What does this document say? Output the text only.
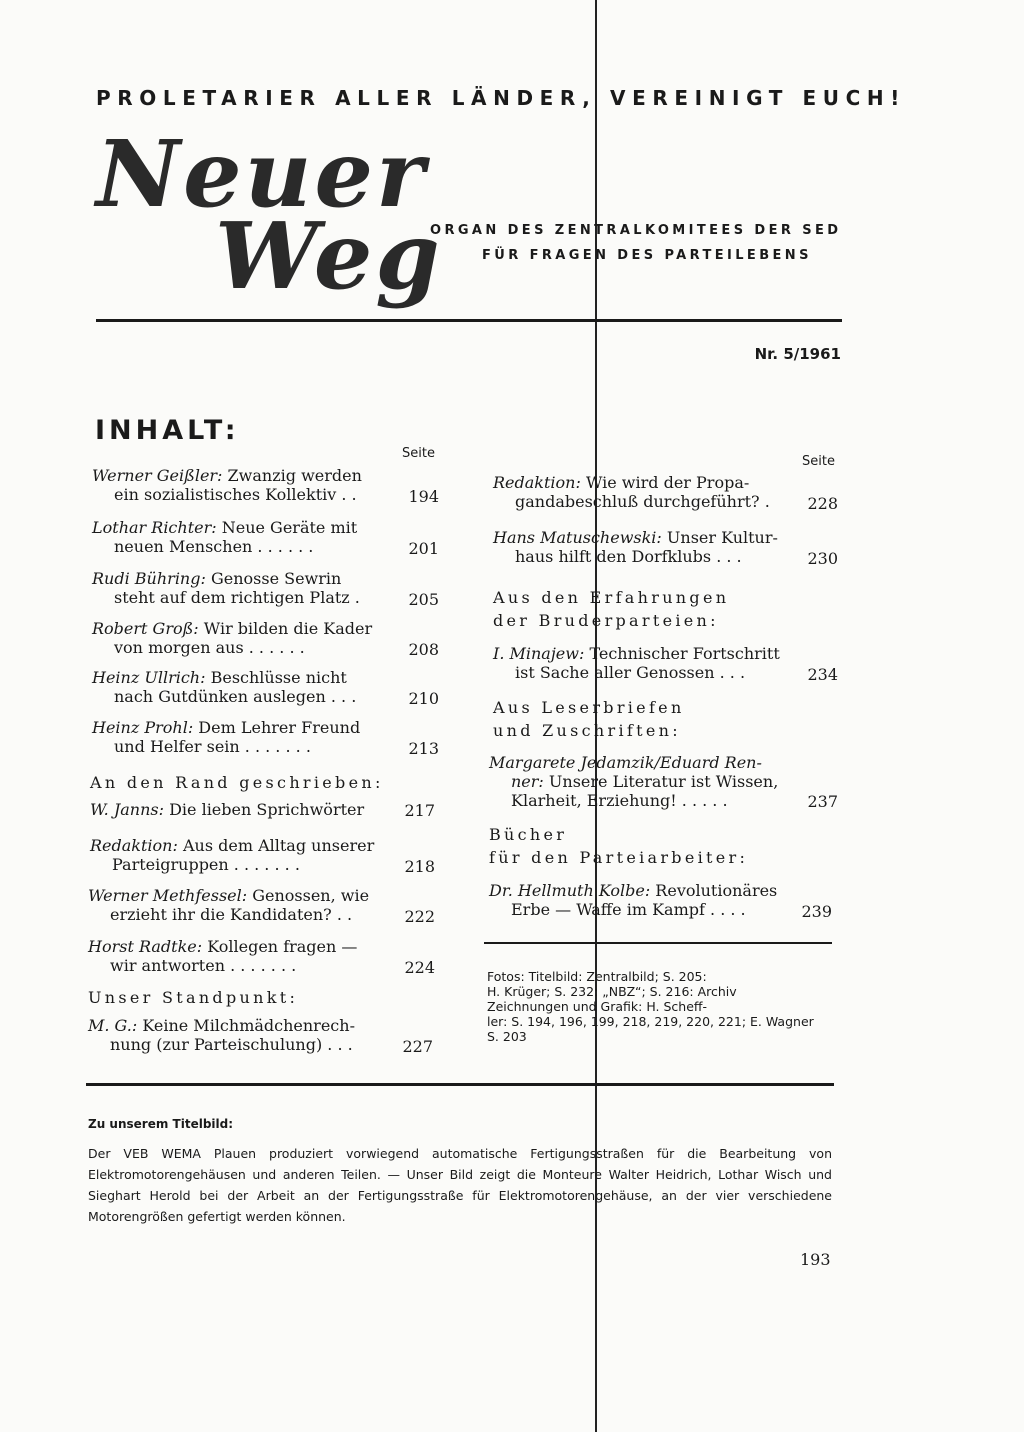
PROLETARIER ALLER LÄNDER, VEREINIGT EUCH!
Neuer
Weg
ORGAN DES ZENTRALKOMITEES DER SED
FÜR FRAGEN DES PARTEILEBENS
Nr. 5/1961
INHALT:
Seite
Seite
Werner Geißler: Zwanzig werden
ein sozialistisches Kollektiv . .	194
Lothar Richter: Neue Geräte mit
neuen Menschen . . . . . .	201
Rudi Bühring: Genosse Sewrin
steht auf dem richtigen Platz .	205
Robert Groß: Wir bilden die Kader
von morgen aus . . . . . .	208
Heinz Ullrich: Beschlüsse nicht
nach Gutdünken auslegen . . .	210
Heinz Prohl: Dem Lehrer Freund
und Helfer sein . . . . . . .	213
An den Rand geschrieben:
W. Janns: Die lieben Sprichwörter	217
Redaktion: Aus dem Alltag unserer
Parteigruppen . . . . . . .	218
Werner Methfessel: Genossen, wie
erzieht ihr die Kandidaten? . .	222
Horst Radtke: Kollegen fragen —
wir antworten . . . . . . .	224
Unser Standpunkt:
M. G.: Keine Milchmädchenrech-
nung (zur Parteischulung) . . .	227
Redaktion: Wie wird der Propa-
gandabeschluß durchgeführt? .	228
Hans Matuschewski: Unser Kultur-
haus hilft den Dorfklubs . . .	230
Aus den Erfahrungen
der Bruderparteien:
I. Minajew: Technischer Fortschritt
ist Sache aller Genossen . . .	234
Aus Leserbriefen
und Zuschriften:
Margarete Jedamzik/Eduard Ren-
ner: Unsere Literatur ist Wissen,
Klarheit, Erziehung! . . . . .	237
Bücher
für den Parteiarbeiter:
Dr. Hellmuth Kolbe: Revolutionäres
Erbe — Waffe im Kampf . . . .	239
Fotos: Titelbild: Zentralbild; S. 205:
H. Krüger; S. 232: „NBZ“; S. 216: Archiv
Zeichnungen und Grafik: H. Scheff-
ler: S. 194, 196, 199, 218, 219, 220, 221; E. Wagner
S. 203
Zu unserem Titelbild:
Der VEB WEMA Plauen produziert vorwiegend automatische Fertigungsstraßen für die Bearbeitung von Elektromotorengehäusen und anderen Teilen. — Unser Bild zeigt die Monteure Walter Heidrich, Lothar Wisch und Sieghart Herold bei der Arbeit an der Fertigungsstraße für Elektromotorengehäuse, an der vier verschiedene Motorengrößen gefertigt werden können.
193
